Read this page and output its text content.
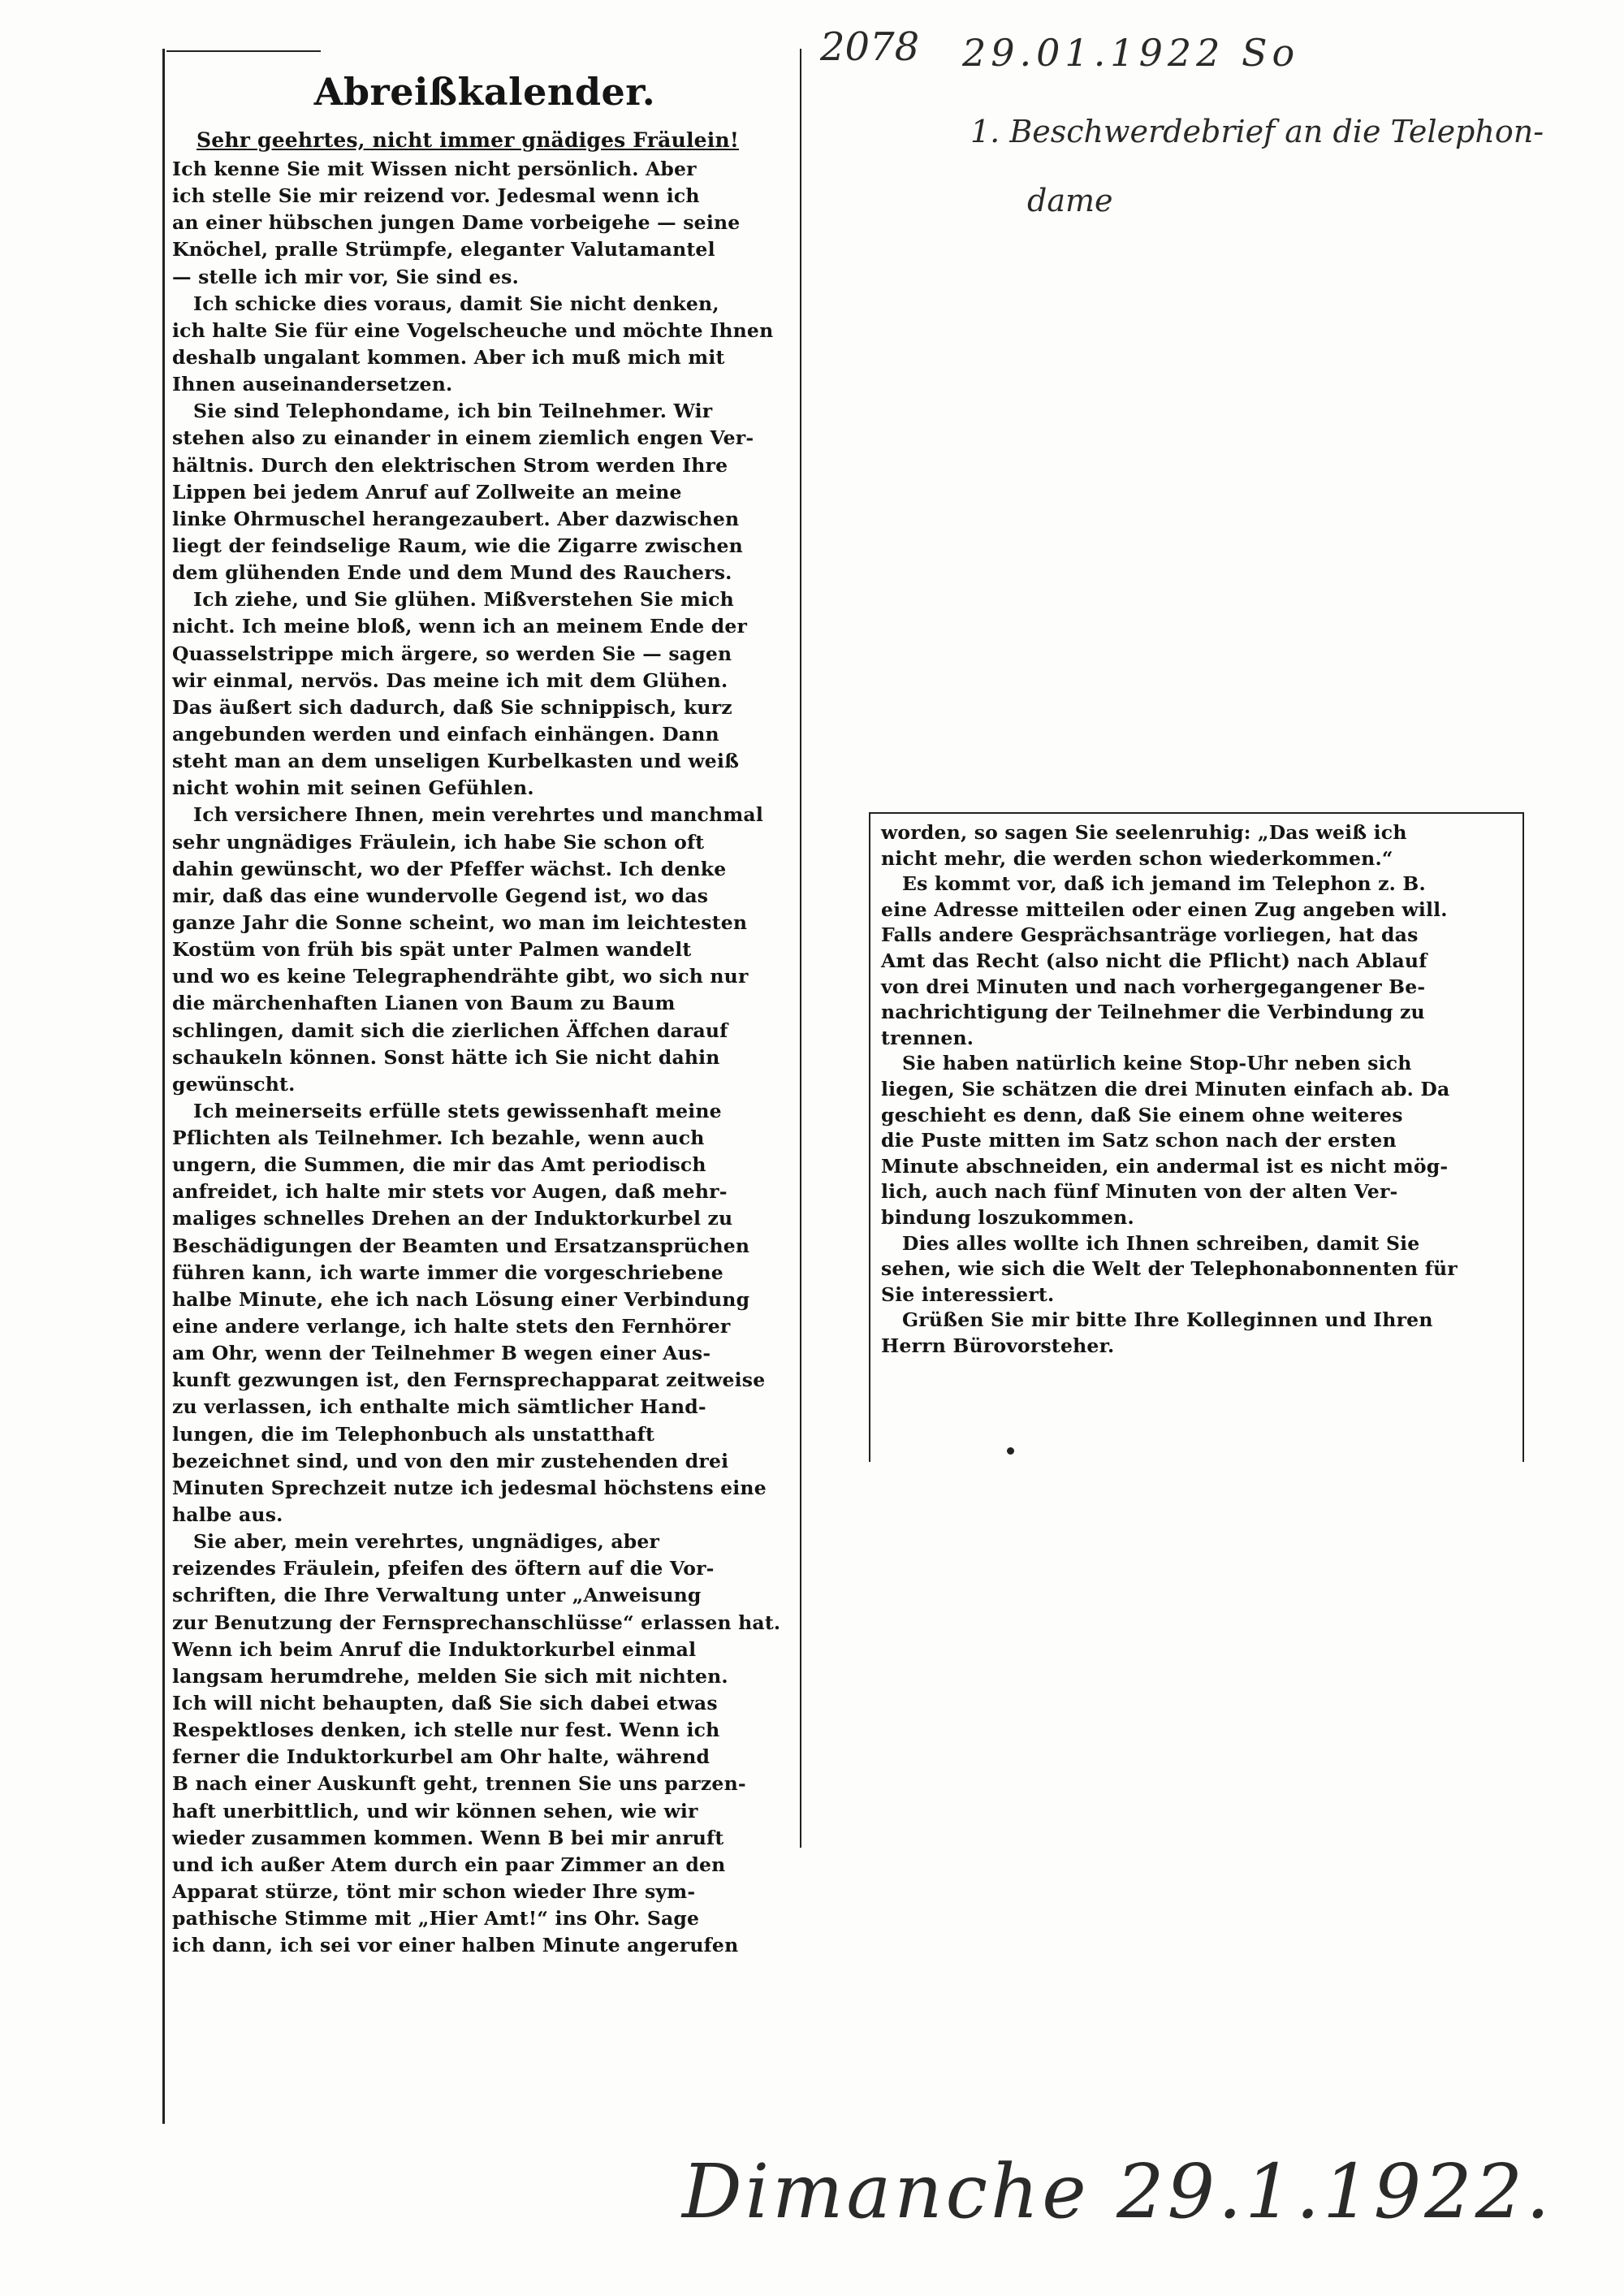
2078 29.01.1922 So
1. Beschwerdebrief an die Telephon-
dame
Dimanche 29.1.1922.
Abreißkalender.
Sehr geehrtes, nicht immer gnädiges Fräulein!
Ich kenne Sie mit Wissen nicht persönlich. Aber
ich stelle Sie mir reizend vor. Jedesmal wenn ich
an einer hübschen jungen Dame vorbeigehe — seine
Knöchel, pralle Strümpfe, eleganter Valutamantel
— stelle ich mir vor, Sie sind es.
Ich schicke dies voraus, damit Sie nicht denken,
ich halte Sie für eine Vogelscheuche und möchte Ihnen
deshalb ungalant kommen. Aber ich muß mich mit
Ihnen auseinandersetzen.
Sie sind Telephondame, ich bin Teilnehmer. Wir
stehen also zu einander in einem ziemlich engen Ver-
hältnis. Durch den elektrischen Strom werden Ihre
Lippen bei jedem Anruf auf Zollweite an meine
linke Ohrmuschel herangezaubert. Aber dazwischen
liegt der feindselige Raum, wie die Zigarre zwischen
dem glühenden Ende und dem Mund des Rauchers.
Ich ziehe, und Sie glühen. Mißverstehen Sie mich
nicht. Ich meine bloß, wenn ich an meinem Ende der
Quasselstrippe mich ärgere, so werden Sie — sagen
wir einmal, nervös. Das meine ich mit dem Glühen.
Das äußert sich dadurch, daß Sie schnippisch, kurz
angebunden werden und einfach einhängen. Dann
steht man an dem unseligen Kurbelkasten und weiß
nicht wohin mit seinen Gefühlen.
Ich versichere Ihnen, mein verehrtes und manchmal
sehr ungnädiges Fräulein, ich habe Sie schon oft
dahin gewünscht, wo der Pfeffer wächst. Ich denke
mir, daß das eine wundervolle Gegend ist, wo das
ganze Jahr die Sonne scheint, wo man im leichtesten
Kostüm von früh bis spät unter Palmen wandelt
und wo es keine Telegraphendrähte gibt, wo sich nur
die märchenhaften Lianen von Baum zu Baum
schlingen, damit sich die zierlichen Äffchen darauf
schaukeln können. Sonst hätte ich Sie nicht dahin
gewünscht.
Ich meinerseits erfülle stets gewissenhaft meine
Pflichten als Teilnehmer. Ich bezahle, wenn auch
ungern, die Summen, die mir das Amt periodisch
anfreidet, ich halte mir stets vor Augen, daß mehr-
maliges schnelles Drehen an der Induktorkurbel zu
Beschädigungen der Beamten und Ersatzansprüchen
führen kann, ich warte immer die vorgeschriebene
halbe Minute, ehe ich nach Lösung einer Verbindung
eine andere verlange, ich halte stets den Fernhörer
am Ohr, wenn der Teilnehmer B wegen einer Aus-
kunft gezwungen ist, den Fernsprechapparat zeitweise
zu verlassen, ich enthalte mich sämtlicher Hand-
lungen, die im Telephonbuch als unstatthaft
bezeichnet sind, und von den mir zustehenden drei
Minuten Sprechzeit nutze ich jedesmal höchstens eine
halbe aus.
Sie aber, mein verehrtes, ungnädiges, aber
reizendes Fräulein, pfeifen des öftern auf die Vor-
schriften, die Ihre Verwaltung unter „Anweisung
zur Benutzung der Fernsprechanschlüsse“ erlassen hat.
Wenn ich beim Anruf die Induktorkurbel einmal
langsam herumdrehe, melden Sie sich mit nichten.
Ich will nicht behaupten, daß Sie sich dabei etwas
Respektloses denken, ich stelle nur fest. Wenn ich
ferner die Induktorkurbel am Ohr halte, während
B nach einer Auskunft geht, trennen Sie uns parzen-
haft unerbittlich, und wir können sehen, wie wir
wieder zusammen kommen. Wenn B bei mir anruft
und ich außer Atem durch ein paar Zimmer an den
Apparat stürze, tönt mir schon wieder Ihre sym-
pathische Stimme mit „Hier Amt!“ ins Ohr. Sage
ich dann, ich sei vor einer halben Minute angerufen
worden, so sagen Sie seelenruhig: „Das weiß ich
nicht mehr, die werden schon wiederkommen.“
Es kommt vor, daß ich jemand im Telephon z. B.
eine Adresse mitteilen oder einen Zug angeben will.
Falls andere Gesprächsanträge vorliegen, hat das
Amt das Recht (also nicht die Pflicht) nach Ablauf
von drei Minuten und nach vorhergegangener Be-
nachrichtigung der Teilnehmer die Verbindung zu
trennen.
Sie haben natürlich keine Stop-Uhr neben sich
liegen, Sie schätzen die drei Minuten einfach ab. Da
geschieht es denn, daß Sie einem ohne weiteres
die Puste mitten im Satz schon nach der ersten
Minute abschneiden, ein andermal ist es nicht mög-
lich, auch nach fünf Minuten von der alten Ver-
bindung loszukommen.
Dies alles wollte ich Ihnen schreiben, damit Sie
sehen, wie sich die Welt der Telephonabonnenten für
Sie interessiert.
Grüßen Sie mir bitte Ihre Kolleginnen und Ihren
Herrn Bürovorsteher.
